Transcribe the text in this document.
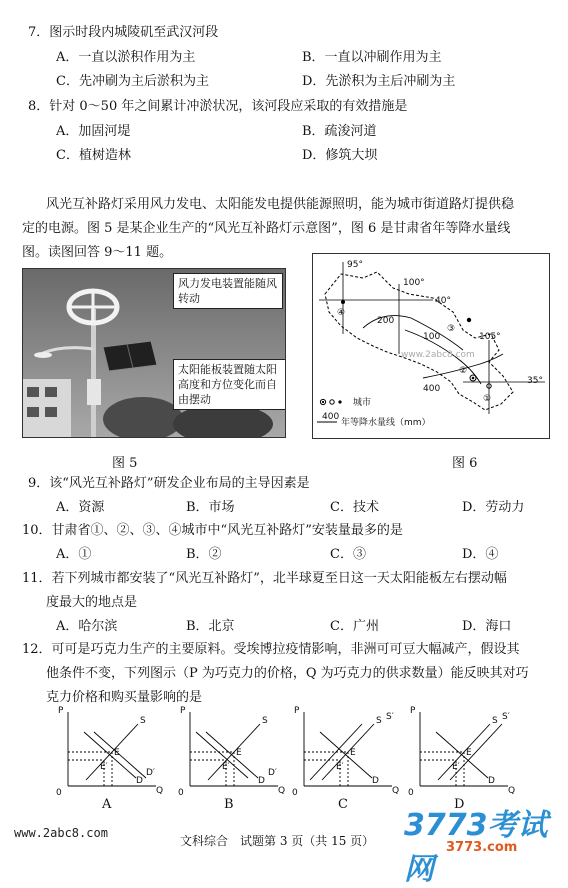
7．图示时段内城陵矶至武汉河段
A．一直以淤积作用为主	B．一直以冲刷作用为主
C．先冲刷为主后淤积为主	D．先淤积为主后冲刷为主
8．针对 0～50 年之间累计冲淤状况，该河段应采取的有效措施是
A．加固河堤	B．疏浚河道
C．植树造林	D．修筑大坝
风光互补路灯采用风力发电、太阳能发电提供能源照明，能为城市街道路灯提供稳
定的电源。图 5 是某企业生产的“风光互补路灯示意图”，图 6 是甘肃省年等降水量线
图。读图回答 9～11 题。
风力发电装置能随风转动
太阳能板装置随太阳高度和方位变化而自由摆动
图 5
95°
100°
105°
40°
35°
200
100
400
①
②
③
④
www.2abc8.com
城市
400
年等降水量线（mm）
图 6
9．该“风光互补路灯”研发企业布局的主导因素是
A．资源	B．市场	C．技术	D．劳动力
10．甘肃省①、②、③、④城市中“风光互补路灯”安装量最多的是
A．①	B．②	C．③	D．④
11．若下列城市都安装了“风光互补路灯”，北半球夏至日这一天太阳能板左右摆动幅
度最大的地点是
A．哈尔滨	B．北京	C．广州	D．海口
12．可可是巧克力生产的主要原料。受埃博拉疫情影响，非洲可可豆大幅减产，假设其
他条件不变，下列图示（P 为巧克力的价格，Q 为巧克力的供求数量）能反映其对巧
克力价格和购买量影响的是
P
Q
0
S
D
E
E′
D′
A
P
Q
0
S
D
E
E′
D′
B
P
Q
0
S
D
E
E′
S′
C
P
Q
0
S
D
E
E′
S′
D
www.2abc8.com
文科综合　试题第 3 页（共 15 页） 3773考试网
3773.com
